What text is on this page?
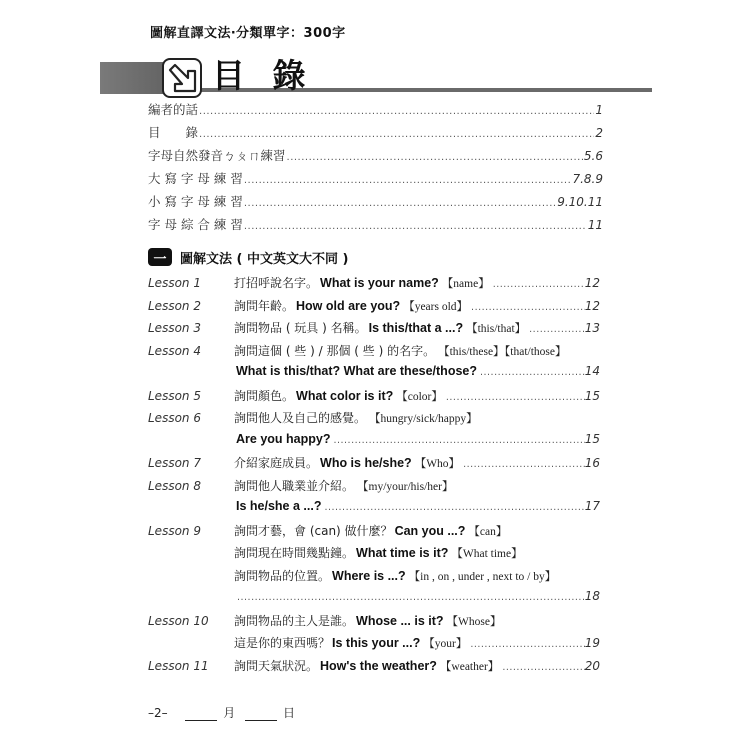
圖解直譯文法‧分類單字：300字
目 錄
編者的話 .....	1
目　　錄 .....	2
字母自然發音ㄅㄆㄇ練習 .....	5.6
大 寫 字 母 練 習 .....	7.8.9
小 寫 字 母 練 習 .....	9.10.11
字 母 綜 合 練 習 .....	11
一	圖解文法 ( 中文英文大不同 )
Lesson 1	打招呼說名字。 What is your name? 【name】 .....	12
Lesson 2	詢問年齡。 How old are you? 【years old】 .....	12
Lesson 3	詢問物品 ( 玩具 ) 名稱。 Is this/that a ...? 【this/that】 .....	13
Lesson 4	詢問這個 ( 些 ) / 那個 ( 些 ) 的名字。 【this/these】【that/those】
What is this/that? What are these/those? .....	14
Lesson 5	詢問顏色。 What color is it? 【color】 .....	15
Lesson 6	詢問他人及自己的感覺。 【hungry/sick/happy】
Are you happy? .....	15
Lesson 7	介紹家庭成員。 Who is he/she? 【Who】 .....	16
Lesson 8	詢問他人職業並介紹。 【my/your/his/her】
Is he/she a ...? .....	17
Lesson 9	詢問才藝，會 (can) 做什麼？ Can you ...? 【can】
詢問現在時間幾點鐘。 What time is it? 【What time】
詢問物品的位置。 Where is ...? 【in , on , under , next to / by】
.....
18
Lesson 10	詢問物品的主人是誰。 Whose ... is it? 【Whose】
這是你的東西嗎？ Is this your ...? 【your】 .....	19
Lesson 11	詢問天氣狀況。 How's the weather? 【weather】 .....	20
–2–	月	日
